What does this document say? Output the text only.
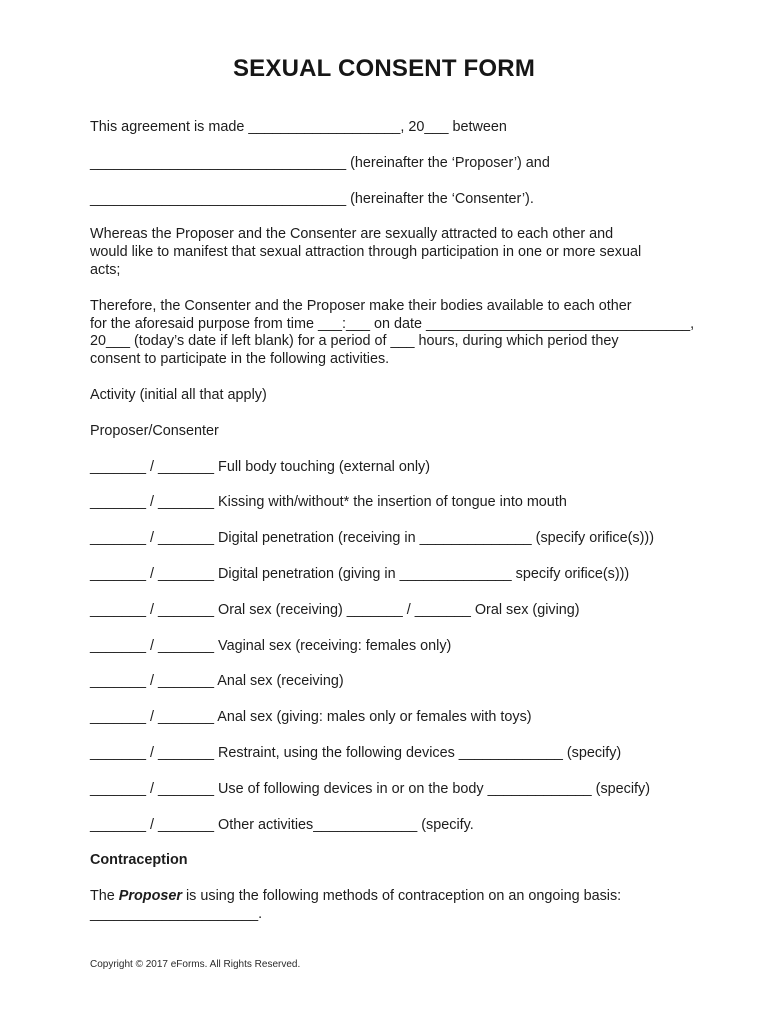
SEXUAL CONSENT FORM
This agreement is made ___________________, 20___ between
________________________________ (hereinafter the ‘Proposer’) and
________________________________ (hereinafter the ‘Consenter’).
Whereas the Proposer and the Consenter are sexually attracted to each other and
would like to manifest that sexual attraction through participation in one or more sexual
acts;
Therefore, the Consenter and the Proposer make their bodies available to each other
for the aforesaid purpose from time ___:___ on date _________________________________,
20___ (today’s date if left blank) for a period of ___ hours, during which period they
consent to participate in the following activities.
Activity (initial all that apply)
Proposer/Consenter
_______ / _______ Full body touching (external only)
_______ / _______ Kissing with/without* the insertion of tongue into mouth
_______ / _______ Digital penetration (receiving in ______________ (specify orifice(s)))
_______ / _______ Digital penetration (giving in ______________ specify orifice(s)))
_______ / _______ Oral sex (receiving) _______ / _______ Oral sex (giving)
_______ / _______ Vaginal sex (receiving: females only)
_______ / _______ Anal sex (receiving)
_______ / _______ Anal sex (giving: males only or females with toys)
_______ / _______ Restraint, using the following devices _____________ (specify)
_______ / _______ Use of following devices in or on the body _____________ (specify)
_______ / _______ Other activities_____________ (specify.
Contraception
The Proposer is using the following methods of contraception on an ongoing basis:
_____________________.
Copyright © 2017 eForms. All Rights Reserved.
